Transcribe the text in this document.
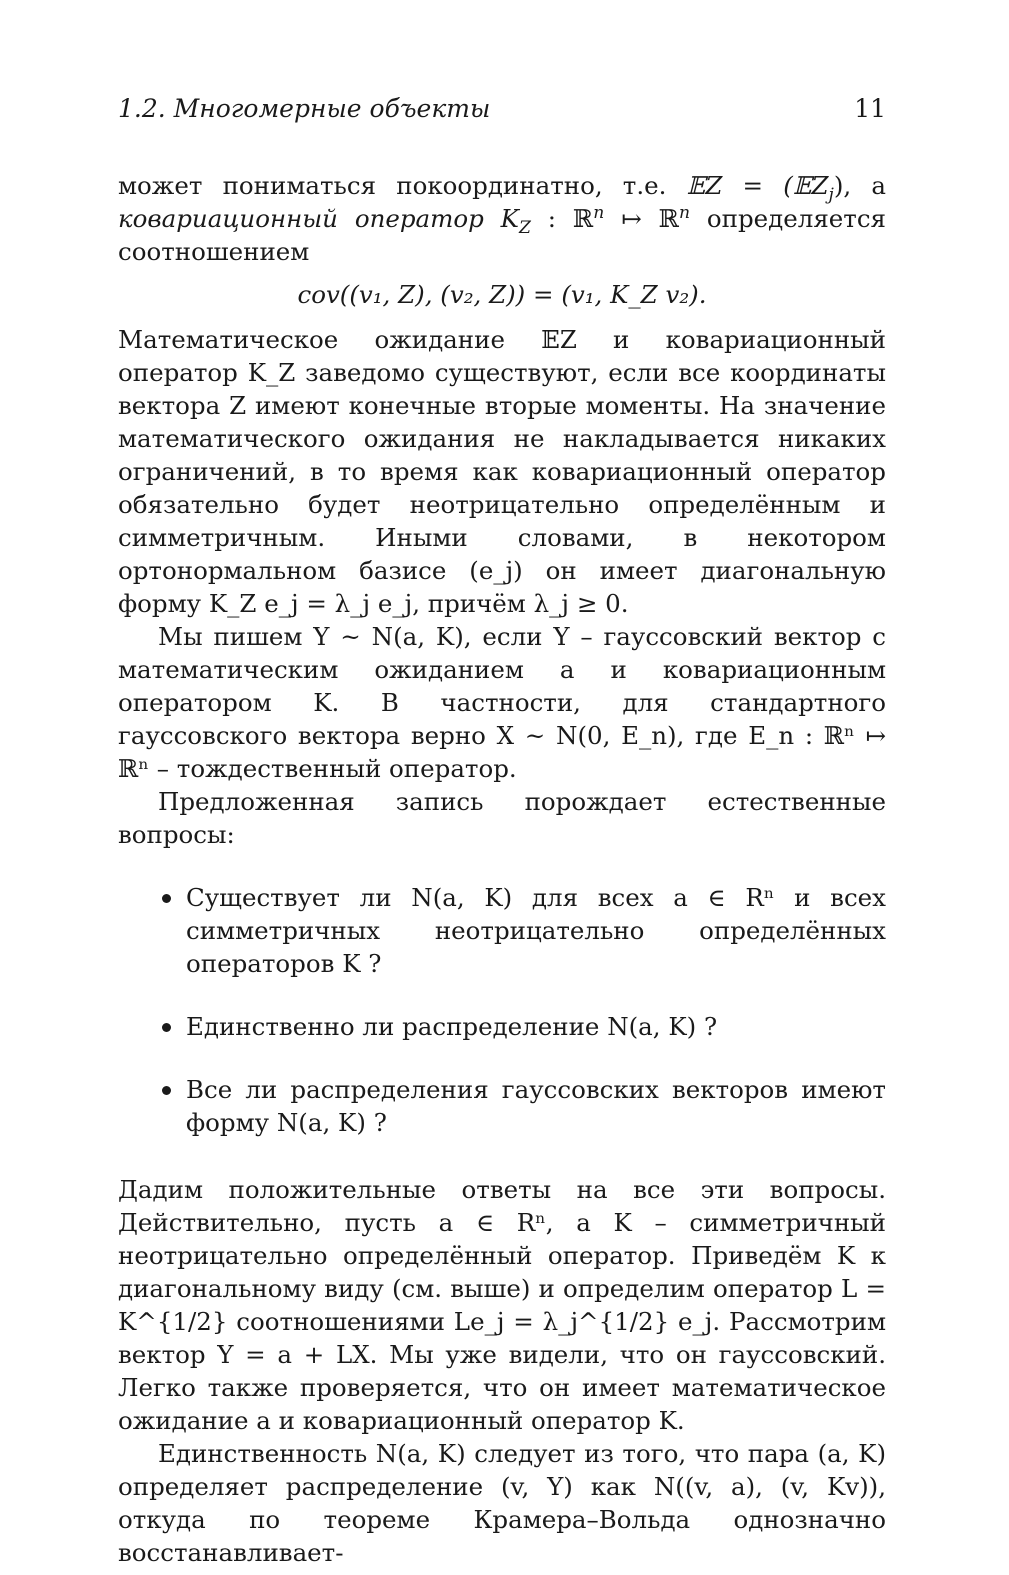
1.2. Многомерные объекты	11

может пониматься покоординатно, т.е. 𝔼Z = (𝔼Z$_j$), а ковариационный оператор $K_Z$ : ℝ$^n$ ↦ ℝ$^n$ определяется соотношением

cov((v₁, Z), (v₂, Z)) = (v₁, K_Z v₂).

Математическое ожидание 𝔼Z и ковариационный оператор K_Z заведомо существуют, если все координаты вектора Z имеют конечные вторые моменты. На значение математического ожидания не накладывается никаких ограничений, в то время как ковариационный оператор обязательно будет неотрицательно определённым и симметричным. Иными словами, в некотором ортонормальном базисе (e_j) он имеет диагональную форму K_Z e_j = λ_j e_j, причём λ_j ≥ 0.

Мы пишем Y ~ N(a, K), если Y – гауссовский вектор с математическим ожиданием a и ковариационным оператором K. В частности, для стандартного гауссовского вектора верно X ~ N(0, E_n), где E_n : ℝⁿ ↦ ℝⁿ – тождественный оператор.

Предложенная запись порождает естественные вопросы:

Существует ли N(a, K) для всех a ∈ Rⁿ и всех симметричных неотрицательно определённых операторов K ?
Единственно ли распределение N(a, K) ?
Все ли распределения гауссовских векторов имеют форму N(a, K) ?

Дадим положительные ответы на все эти вопросы. Действительно, пусть a ∈ Rⁿ, а K – симметричный неотрицательно определённый оператор. Приведём K к диагональному виду (см. выше) и определим оператор L = K^{1/2} соотношениями Le_j = λ_j^{1/2} e_j. Рассмотрим вектор Y = a + LX. Мы уже видели, что он гауссовский. Легко также проверяется, что он имеет математическое ожидание a и ковариационный оператор K.

Единственность N(a, K) следует из того, что пара (a, K) определяет распределение (v, Y) как N((v, a), (v, Kv)), откуда по теореме Крамера–Вольда однозначно восстанавливает-
